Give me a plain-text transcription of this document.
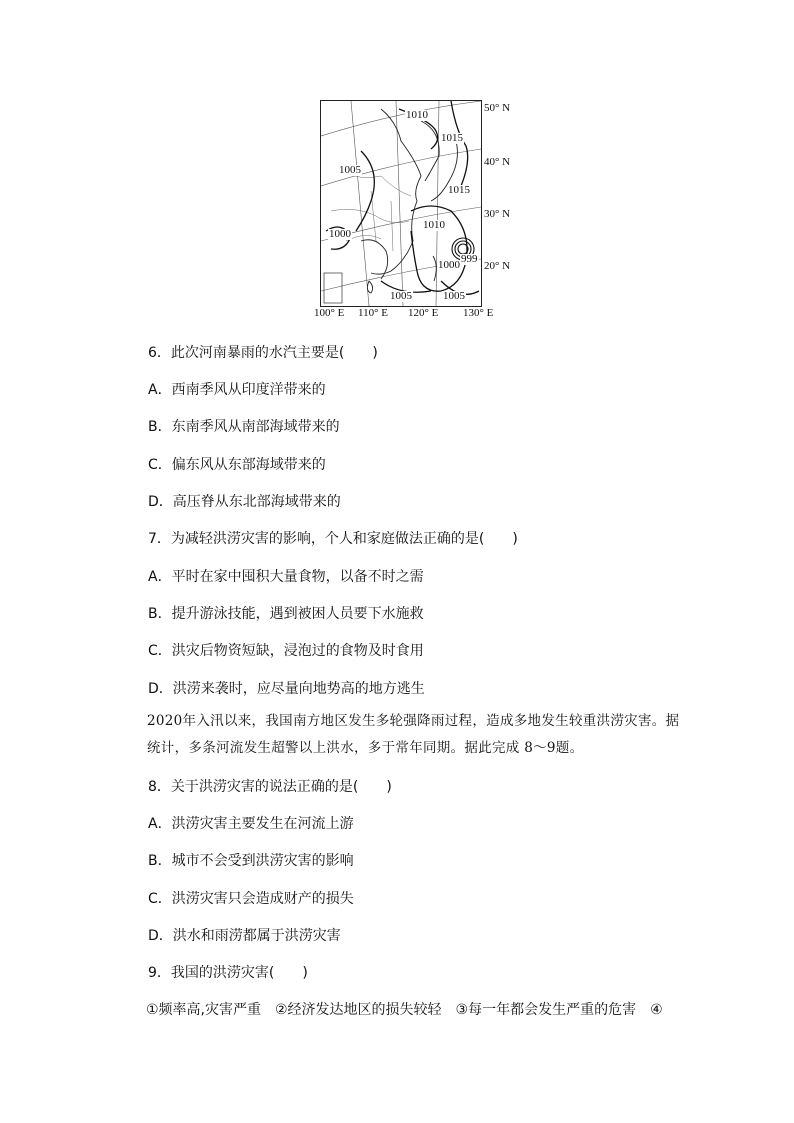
1010
1015
1005
1015
1010
1000
999
1000
1005	1005
50° N
40° N
30° N
20° N
100° E 110° E 120° E 130° E
6．此次河南暴雨的水汽主要是(　　)
A．西南季风从印度洋带来的
B．东南季风从南部海域带来的
C．偏东风从东部海域带来的
D．高压脊从东北部海域带来的
7．为减轻洪涝灾害的影响，个人和家庭做法正确的是(　　)
A．平时在家中囤积大量食物，以备不时之需
B．提升游泳技能，遇到被困人员要下水施救
C．洪灾后物资短缺，浸泡过的食物及时食用
D．洪涝来袭时，应尽量向地势高的地方逃生
2020年入汛以来，我国南方地区发生多轮强降雨过程，造成多地发生较重洪涝灾害。据统计，多条河流发生超警以上洪水，多于常年同期。据此完成 8～9题。
8．关于洪涝灾害的说法正确的是(　　)
A．洪涝灾害主要发生在河流上游
B．城市不会受到洪涝灾害的影响
C．洪涝灾害只会造成财产的损失
D．洪水和雨涝都属于洪涝灾害
9．我国的洪涝灾害(　　)
①频率高,灾害严重　②经济发达地区的损失较轻　③每一年都会发生严重的危害　④
